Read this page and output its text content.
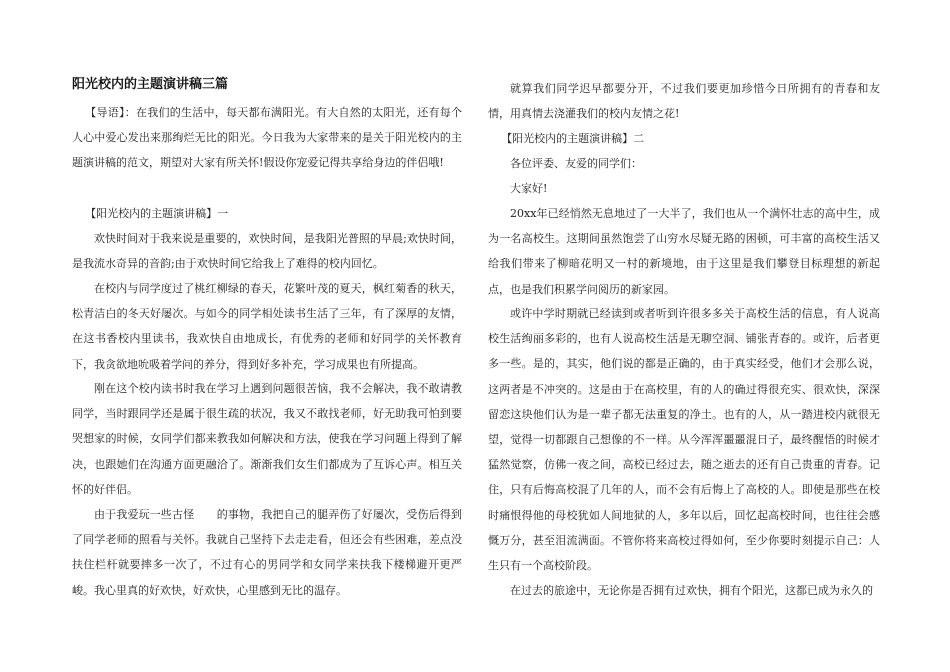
阳光校内的主题演讲稿三篇

【导语】：在我们的生活中，每天都布满阳光。有大自然的太阳光，还有每个人心中爱心发出来那绚烂无比的阳光。今日我为大家带来的是关于阳光校内的主题演讲稿的范文，期望对大家有所关怀!假设你宠爱记得共享给身边的伴侣哦!

【阳光校内的主题演讲稿】一

欢快时间对于我来说是重要的，欢快时间，是我阳光普照的早晨;欢快时间，是我流水奇异的音韵;由于欢快时间它给我上了难得的校内回忆。

在校内与同学度过了桃红柳绿的春天，花繁叶茂的夏天，枫红菊香的秋天，松青洁白的冬天好屡次。与如今的同学相处读书生活了三年，有了深厚的友情，在这书香校内里读书，我欢快自由地成长，有优秀的老师和好同学的关怀教育下，我贪欲地吮吸着学问的养分，得到好多补充，学习成果也有所提高。

刚在这个校内读书时我在学习上遇到问题很苦恼，我不会解决，我不敢请教同学，当时跟同学还是属于很生疏的状况，我又不敢找老师，好无助我可怕到要哭想家的时候，女同学们都来教我如何解决和方法，使我在学习问题上得到了解决，也跟她们在沟通方面更融洽了。渐渐我们女生们都成为了互诉心声。相互关怀的好伴侣。

由于我爱玩一些古怪　　的事物，我把自己的腿弄伤了好屡次，受伤后得到了同学老师的照看与关怀。我就自己坚持下去走走看，但还会有些困难，差点没扶住栏杆就要摔多一次了，不过有心的男同学和女同学来扶我下楼梯避开更严峻。我心里真的好欢快，好欢快，心里感到无比的温存。

就算我们同学迟早都要分开，不过我们要更加珍惜今日所拥有的青春和友情，用真情去浇灌我们的校内友情之花!

【阳光校内的主题演讲稿】二

各位评委、友爱的同学们：

大家好!

20xx年已经悄然无息地过了一大半了，我们也从一个满怀壮志的高中生，成为一名高校生。这期间虽然饱尝了山穷水尽疑无路的困顿，可丰富的高校生活又给我们带来了柳暗花明又一村的新境地，由于这里是我们攀登目标理想的新起点，也是我们积累学问阅历的新家园。

或许中学时期就已经读到或者听到许很多多关于高校生活的信息，有人说高校生活绚丽多彩的，也有人说高校生活是无聊空洞、铺张青春的。或许，后者更多一些。是的，其实，他们说的都是正确的，由于真实经受，他们才会那么说，这两者是不冲突的。这是由于在高校里，有的人的确过得很充实、很欢快，深深留恋这块他们认为是一辈子都无法重复的净土。也有的人，从一踏进校内就很无望，觉得一切都跟自己想像的不一样。从今浑浑噩噩混日子，最终醒悟的时候才猛然觉察，仿佛一夜之间，高校已经过去，随之逝去的还有自己贵重的青春。记住，只有后悔高校混了几年的人，而不会有后悔上了高校的人。即使是那些在校时痛恨得他的母校犹如人间地狱的人，多年以后，回忆起高校时间，也往往会感慨万分，甚至泪流满面。不管你将来高校过得如何，至少你要时刻提示自己：人生只有一个高校阶段。

在过去的旅途中，无论你是否拥有过欢快，拥有个阳光，这都已成为永久的
